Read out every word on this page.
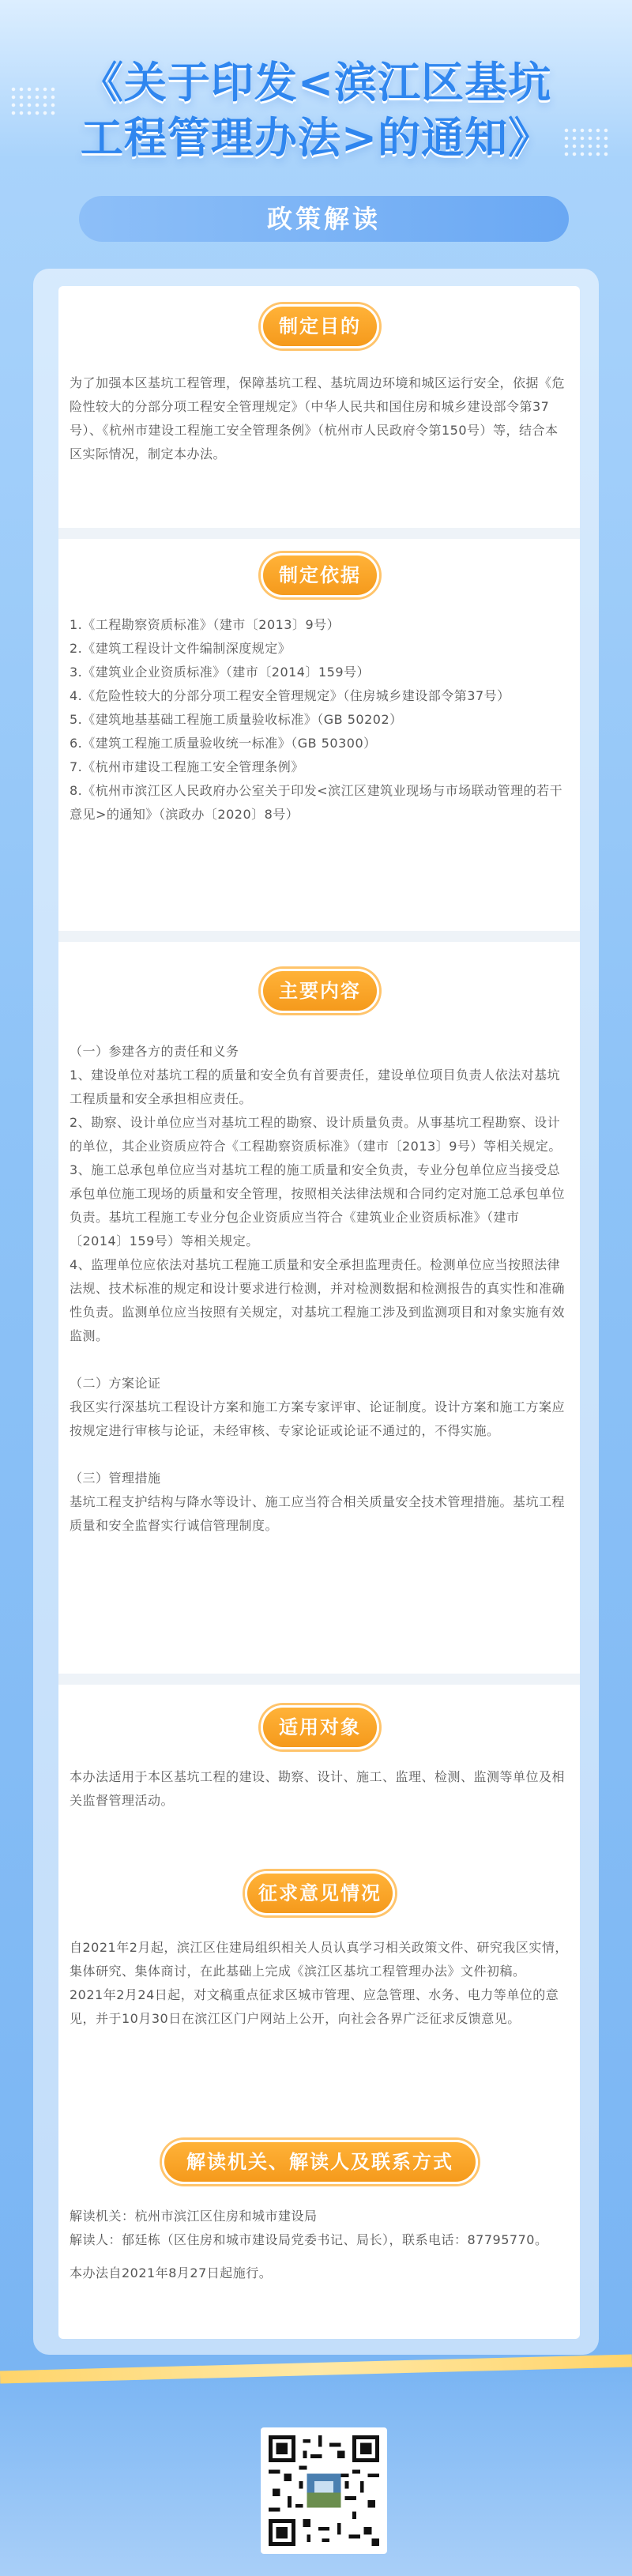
《关于印发<滨江区基坑
工程管理办法>的通知》
政策解读
制定目的
为了加强本区基坑工程管理，保障基坑工程、基坑周边环境和城区运行安全，依据《危险性较大的分部分项工程安全管理规定》（中华人民共和国住房和城乡建设部令第37号）、《杭州市建设工程施工安全管理条例》（杭州市人民政府令第150号）等，结合本区实际情况，制定本办法。
制定依据

1.《工程勘察资质标准》（建市〔2013〕9号）

2.《建筑工程设计文件编制深度规定》

3.《建筑业企业资质标准》（建市〔2014〕159号）

4.《危险性较大的分部分项工程安全管理规定》（住房城乡建设部令第37号）

5.《建筑地基基础工程施工质量验收标准》（GB 50202）

6.《建筑工程施工质量验收统一标准》（GB 50300）

7.《杭州市建设工程施工安全管理条例》

8.《杭州市滨江区人民政府办公室关于印发<滨江区建筑业现场与市场联动管理的若干意见>的通知》（滨政办〔2020〕8号）

主要内容

（一）参建各方的责任和义务

1、建设单位对基坑工程的质量和安全负有首要责任，建设单位项目负责人依法对基坑工程质量和安全承担相应责任。

2、勘察、设计单位应当对基坑工程的勘察、设计质量负责。从事基坑工程勘察、设计的单位，其企业资质应符合《工程勘察资质标准》（建市〔2013〕9号）等相关规定。

3、施工总承包单位应当对基坑工程的施工质量和安全负责，专业分包单位应当接受总承包单位施工现场的质量和安全管理，按照相关法律法规和合同约定对施工总承包单位负责。基坑工程施工专业分包企业资质应当符合《建筑业企业资质标准》（建市〔2014〕159号）等相关规定。

4、监理单位应依法对基坑工程施工质量和安全承担监理责任。检测单位应当按照法律法规、技术标准的规定和设计要求进行检测，并对检测数据和检测报告的真实性和准确性负责。监测单位应当按照有关规定，对基坑工程施工涉及到监测项目和对象实施有效监测。

（二）方案论证

我区实行深基坑工程设计方案和施工方案专家评审、论证制度。设计方案和施工方案应按规定进行审核与论证，未经审核、专家论证或论证不通过的，不得实施。

（三）管理措施

基坑工程支护结构与降水等设计、施工应当符合相关质量安全技术管理措施。基坑工程质量和安全监督实行诚信管理制度。

适用对象
本办法适用于本区基坑工程的建设、勘察、设计、施工、监理、检测、监测等单位及相关监督管理活动。
征求意见情况

自2021年2月起，滨江区住建局组织相关人员认真学习相关政策文件、研究我区实情，集体研究、集体商讨，在此基础上完成《滨江区基坑工程管理办法》文件初稿。

2021年2月24日起，对文稿重点征求区城市管理、应急管理、水务、电力等单位的意见，并于10月30日在滨江区门户网站上公开，向社会各界广泛征求反馈意见。

解读机关、解读人及联系方式

解读机关：杭州市滨江区住房和城市建设局

解读人：郁廷栋（区住房和城市建设局党委书记、局长），联系电话：87795770。

本办法自2021年8月27日起施行。
